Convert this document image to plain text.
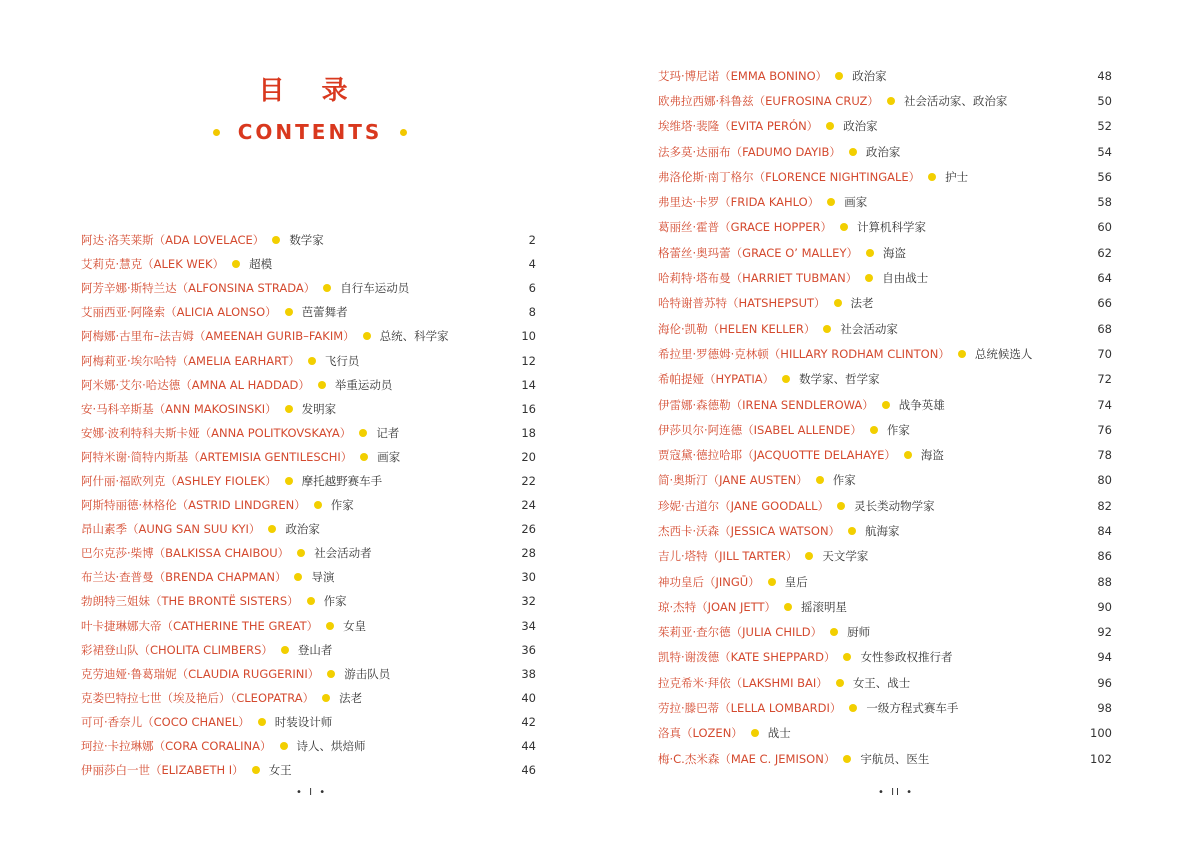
目 录
CONTENTS
阿达·洛芙莱斯（ADA LOVELACE） 数学家	2
艾莉克·慧克（ALEK WEK） 超模	4
阿芳辛娜·斯特兰达（ALFONSINA STRADA） 自行车运动员	6
艾丽西亚·阿隆索（ALICIA ALONSO） 芭蕾舞者	8
阿梅娜·古里布–法吉姆（AMEENAH GURIB–FAKIM） 总统、科学家	10
阿梅莉亚·埃尔哈特（AMELIA EARHART） 飞行员	12
阿米娜·艾尔·哈达德（AMNA AL HADDAD） 举重运动员	14
安·马科辛斯基（ANN MAKOSINSKI） 发明家	16
安娜·波利特科夫斯卡娅（ANNA POLITKOVSKAYA） 记者	18
阿特米谢·简特内斯基（ARTEMISIA GENTILESCHI） 画家	20
阿什丽·福欧列克（ASHLEY FIOLEK） 摩托越野赛车手	22
阿斯特丽德·林格伦（ASTRID LINDGREN） 作家	24
昂山素季（AUNG SAN SUU KYI） 政治家	26
巴尔克莎·柴博（BALKISSA CHAIBOU） 社会活动者	28
布兰达·查普曼（BRENDA CHAPMAN） 导演	30
勃朗特三姐妹（THE BRONTË SISTERS） 作家	32
叶卡捷琳娜大帝（CATHERINE THE GREAT） 女皇	34
彩裙登山队（CHOLITA CLIMBERS） 登山者	36
克劳迪娅·鲁葛瑞妮（CLAUDIA RUGGERINI） 游击队员	38
克娄巴特拉七世（埃及艳后）（CLEOPATRA） 法老	40
可可·香奈儿（COCO CHANEL） 时装设计师	42
珂拉·卡拉琳娜（CORA CORALINA） 诗人、烘焙师	44
伊丽莎白一世（ELIZABETH I） 女王	46
• I •
艾玛·博尼诺（EMMA BONINO） 政治家	48
欧弗拉西娜·科鲁兹（EUFROSINA CRUZ） 社会活动家、政治家	50
埃维塔·裴隆（EVITA PERÓN） 政治家	52
法多莫·达丽布（FADUMO DAYIB） 政治家	54
弗洛伦斯·南丁格尔（FLORENCE NIGHTINGALE） 护士	56
弗里达·卡罗（FRIDA KAHLO） 画家	58
葛丽丝·霍普（GRACE HOPPER） 计算机科学家	60
格蕾丝·奥玛蕾（GRACE O’ MALLEY） 海盗	62
哈莉特·塔布曼（HARRIET TUBMAN） 自由战士	64
哈特谢普苏特（HATSHEPSUT） 法老	66
海伦·凯勒（HELEN KELLER） 社会活动家	68
希拉里·罗德姆·克林顿（HILLARY RODHAM CLINTON） 总统候选人	70
希帕提娅（HYPATIA） 数学家、哲学家	72
伊雷娜·森德勒（IRENA SENDLEROWA） 战争英雄	74
伊莎贝尔·阿连德（ISABEL ALLENDE） 作家	76
贾寇黛·德拉哈耶（JACQUOTTE DELAHAYE） 海盗	78
简·奥斯汀（JANE AUSTEN） 作家	80
珍妮·古道尔（JANE GOODALL） 灵长类动物学家	82
杰西卡·沃森（JESSICA WATSON） 航海家	84
吉儿·塔特（JILL TARTER） 天文学家	86
神功皇后（JINGŪ） 皇后	88
琼·杰特（JOAN JETT） 摇滚明星	90
茱莉亚·查尔德（JULIA CHILD） 厨师	92
凯特·谢泼德（KATE SHEPPARD） 女性参政权推行者	94
拉克希米·拜依（LAKSHMI BAI） 女王、战士	96
劳拉·滕巴蒂（LELLA LOMBARDI） 一级方程式赛车手	98
洛真（LOZEN） 战士	100
梅·C.杰米森（MAE C. JEMISON） 宇航员、医生	102
• II •
